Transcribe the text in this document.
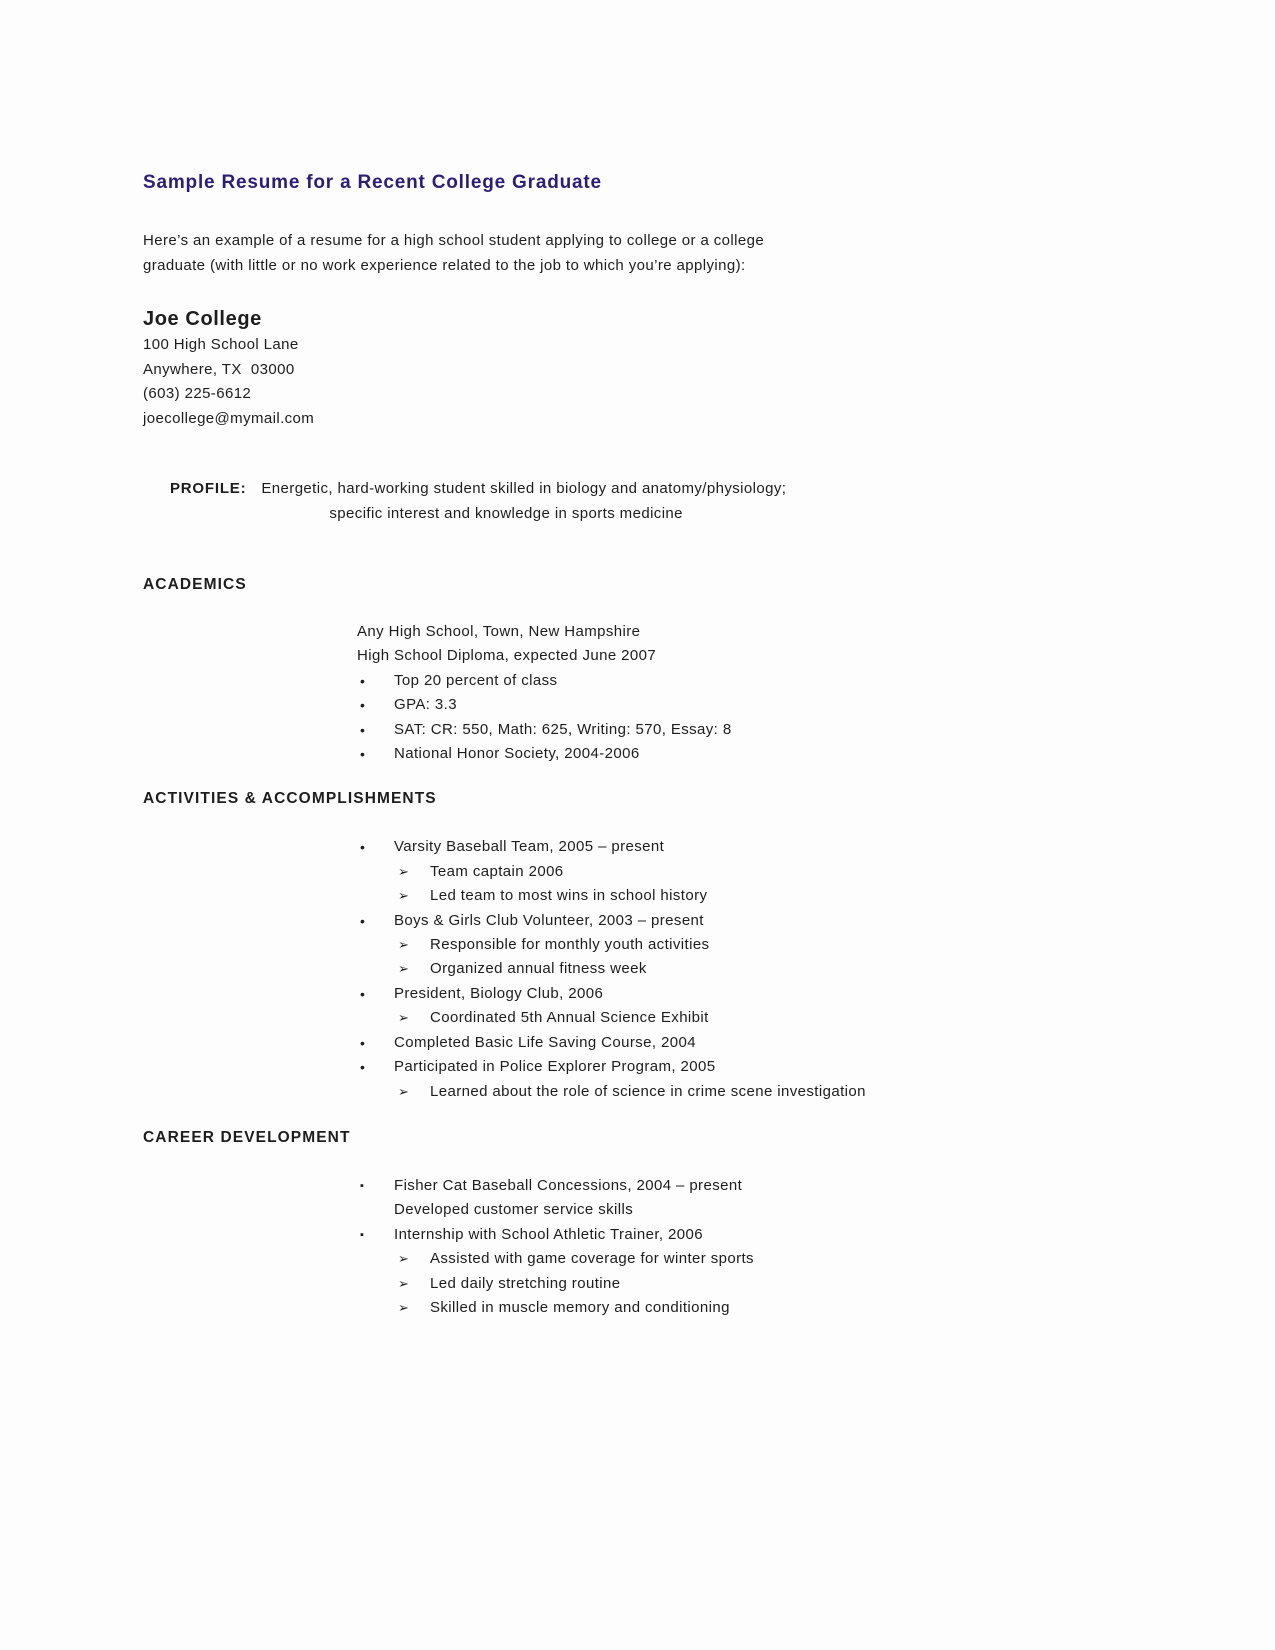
Sample Resume for a Recent College Graduate
Here’s an example of a resume for a high school student applying to college or a college
graduate (with little or no work experience related to the job to which you’re applying):
Joe College
100 High School Lane
Anywhere, TX  03000
(603) 225-6612
joecollege@mymail.com
PROFILE: Energetic, hard-working student skilled in biology and anatomy/physiology;
specific interest and knowledge in sports medicine
ACADEMICS
Any High School, Town, New Hampshire
High School Diploma, expected June 2007
•	Top 20 percent of class
•	GPA: 3.3
•	SAT: CR: 550, Math: 625, Writing: 570, Essay: 8
•	National Honor Society, 2004-2006
ACTIVITIES & ACCOMPLISHMENTS
•	Varsity Baseball Team, 2005 – present
➢	Team captain 2006
➢	Led team to most wins in school history
•	Boys & Girls Club Volunteer, 2003 – present
➢	Responsible for monthly youth activities
➢	Organized annual fitness week
•	President, Biology Club, 2006
➢	Coordinated 5th Annual Science Exhibit
•	Completed Basic Life Saving Course, 2004
•	Participated in Police Explorer Program, 2005
➢	Learned about the role of science in crime scene investigation
CAREER DEVELOPMENT
▪	Fisher Cat Baseball Concessions, 2004 – present
Developed customer service skills
▪	Internship with School Athletic Trainer, 2006
➢	Assisted with game coverage for winter sports
➢	Led daily stretching routine
➢	Skilled in muscle memory and conditioning
